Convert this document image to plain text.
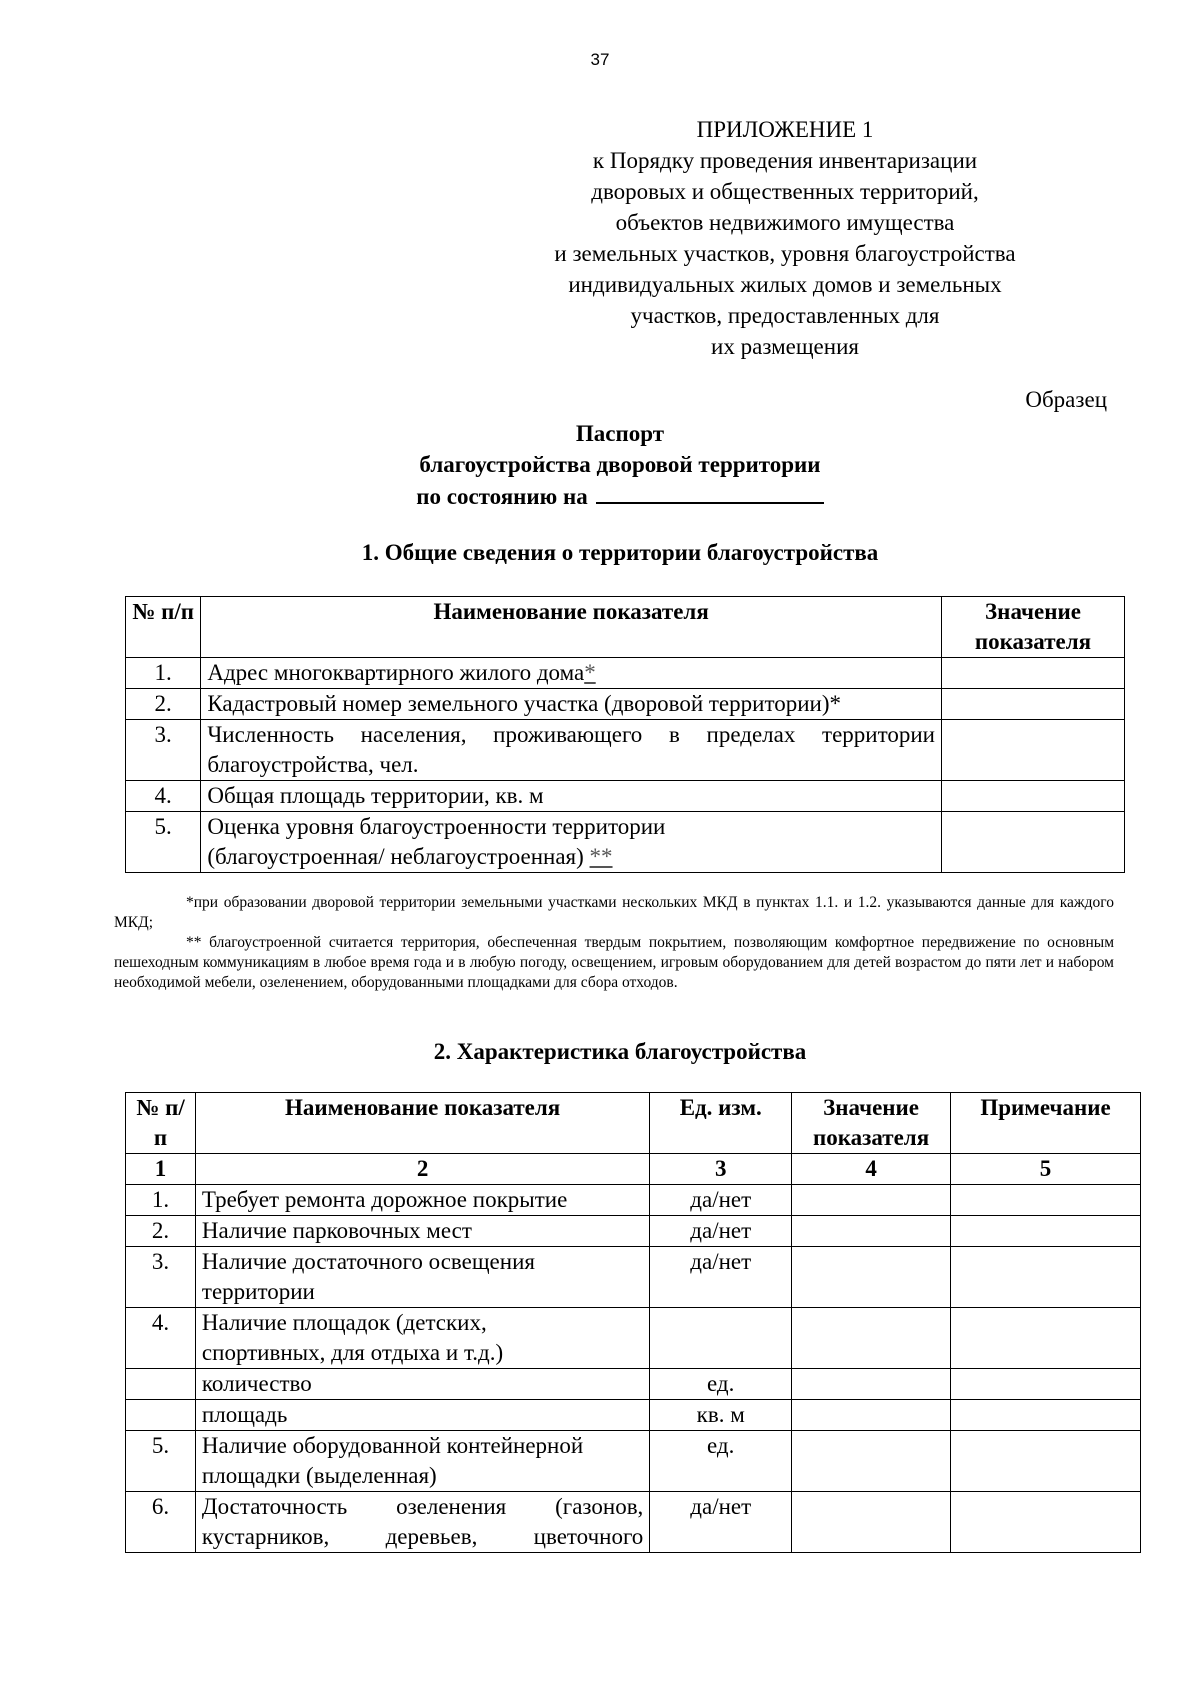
37
ПРИЛОЖЕНИЕ 1
к Порядку проведения инвентаризации
дворовых и общественных территорий,
объектов недвижимого имущества
и земельных участков, уровня благоустройства
индивидуальных жилых домов и земельных
участков, предоставленных для
их размещения
Образец
Паспорт
благоустройства дворовой территории
по состоянию на
1. Общие сведения о территории благоустройства
№ п/п	Наименование показателя	Значение показателя
1.	Адрес многоквартирного жилого дома*	
2.	Кадастровый номер земельного участка (дворовой территории)*	
3.	Численность населения, проживающего в пределах территории
благоустройства, чел.	

4.	Общая площадь территории, кв. м	
5.	Оценка уровня благоустроенности территории
(благоустроенная/ неблагоустроенная) **	

*при образовании дворовой территории земельными участками нескольких МКД в пунктах 1.1. и 1.2. указываются данные для каждого МКД;

** благоустроенной считается территория, обеспеченная твердым покрытием, позволяющим комфортное передвижение по основным пешеходным коммуникациям в любое время года и в любую погоду, освещением, игровым оборудованием для детей возрастом до пяти лет и набором необходимой мебели, озеленением, оборудованными площадками для сбора отходов.

2. Характеристика благоустройства
№ п/п	Наименование показателя	Ед. изм.	Значение показателя	Примечание
1	2	3	4	5
1.	Требует ремонта дорожное покрытие	да/нет		
2.	Наличие парковочных мест	да/нет		
3.	Наличие достаточного освещения
территории	да/нет		
4.	Наличие площадок (детских,
спортивных, для отдыха и т.д.)			

	количество	ед.		
	площадь	кв. м		
5.	Наличие оборудованной контейнерной
площадки (выделенная)	ед.		
6.	Достаточность озеленения (газонов,
кустарников, деревьев, цветочного	да/нет		
